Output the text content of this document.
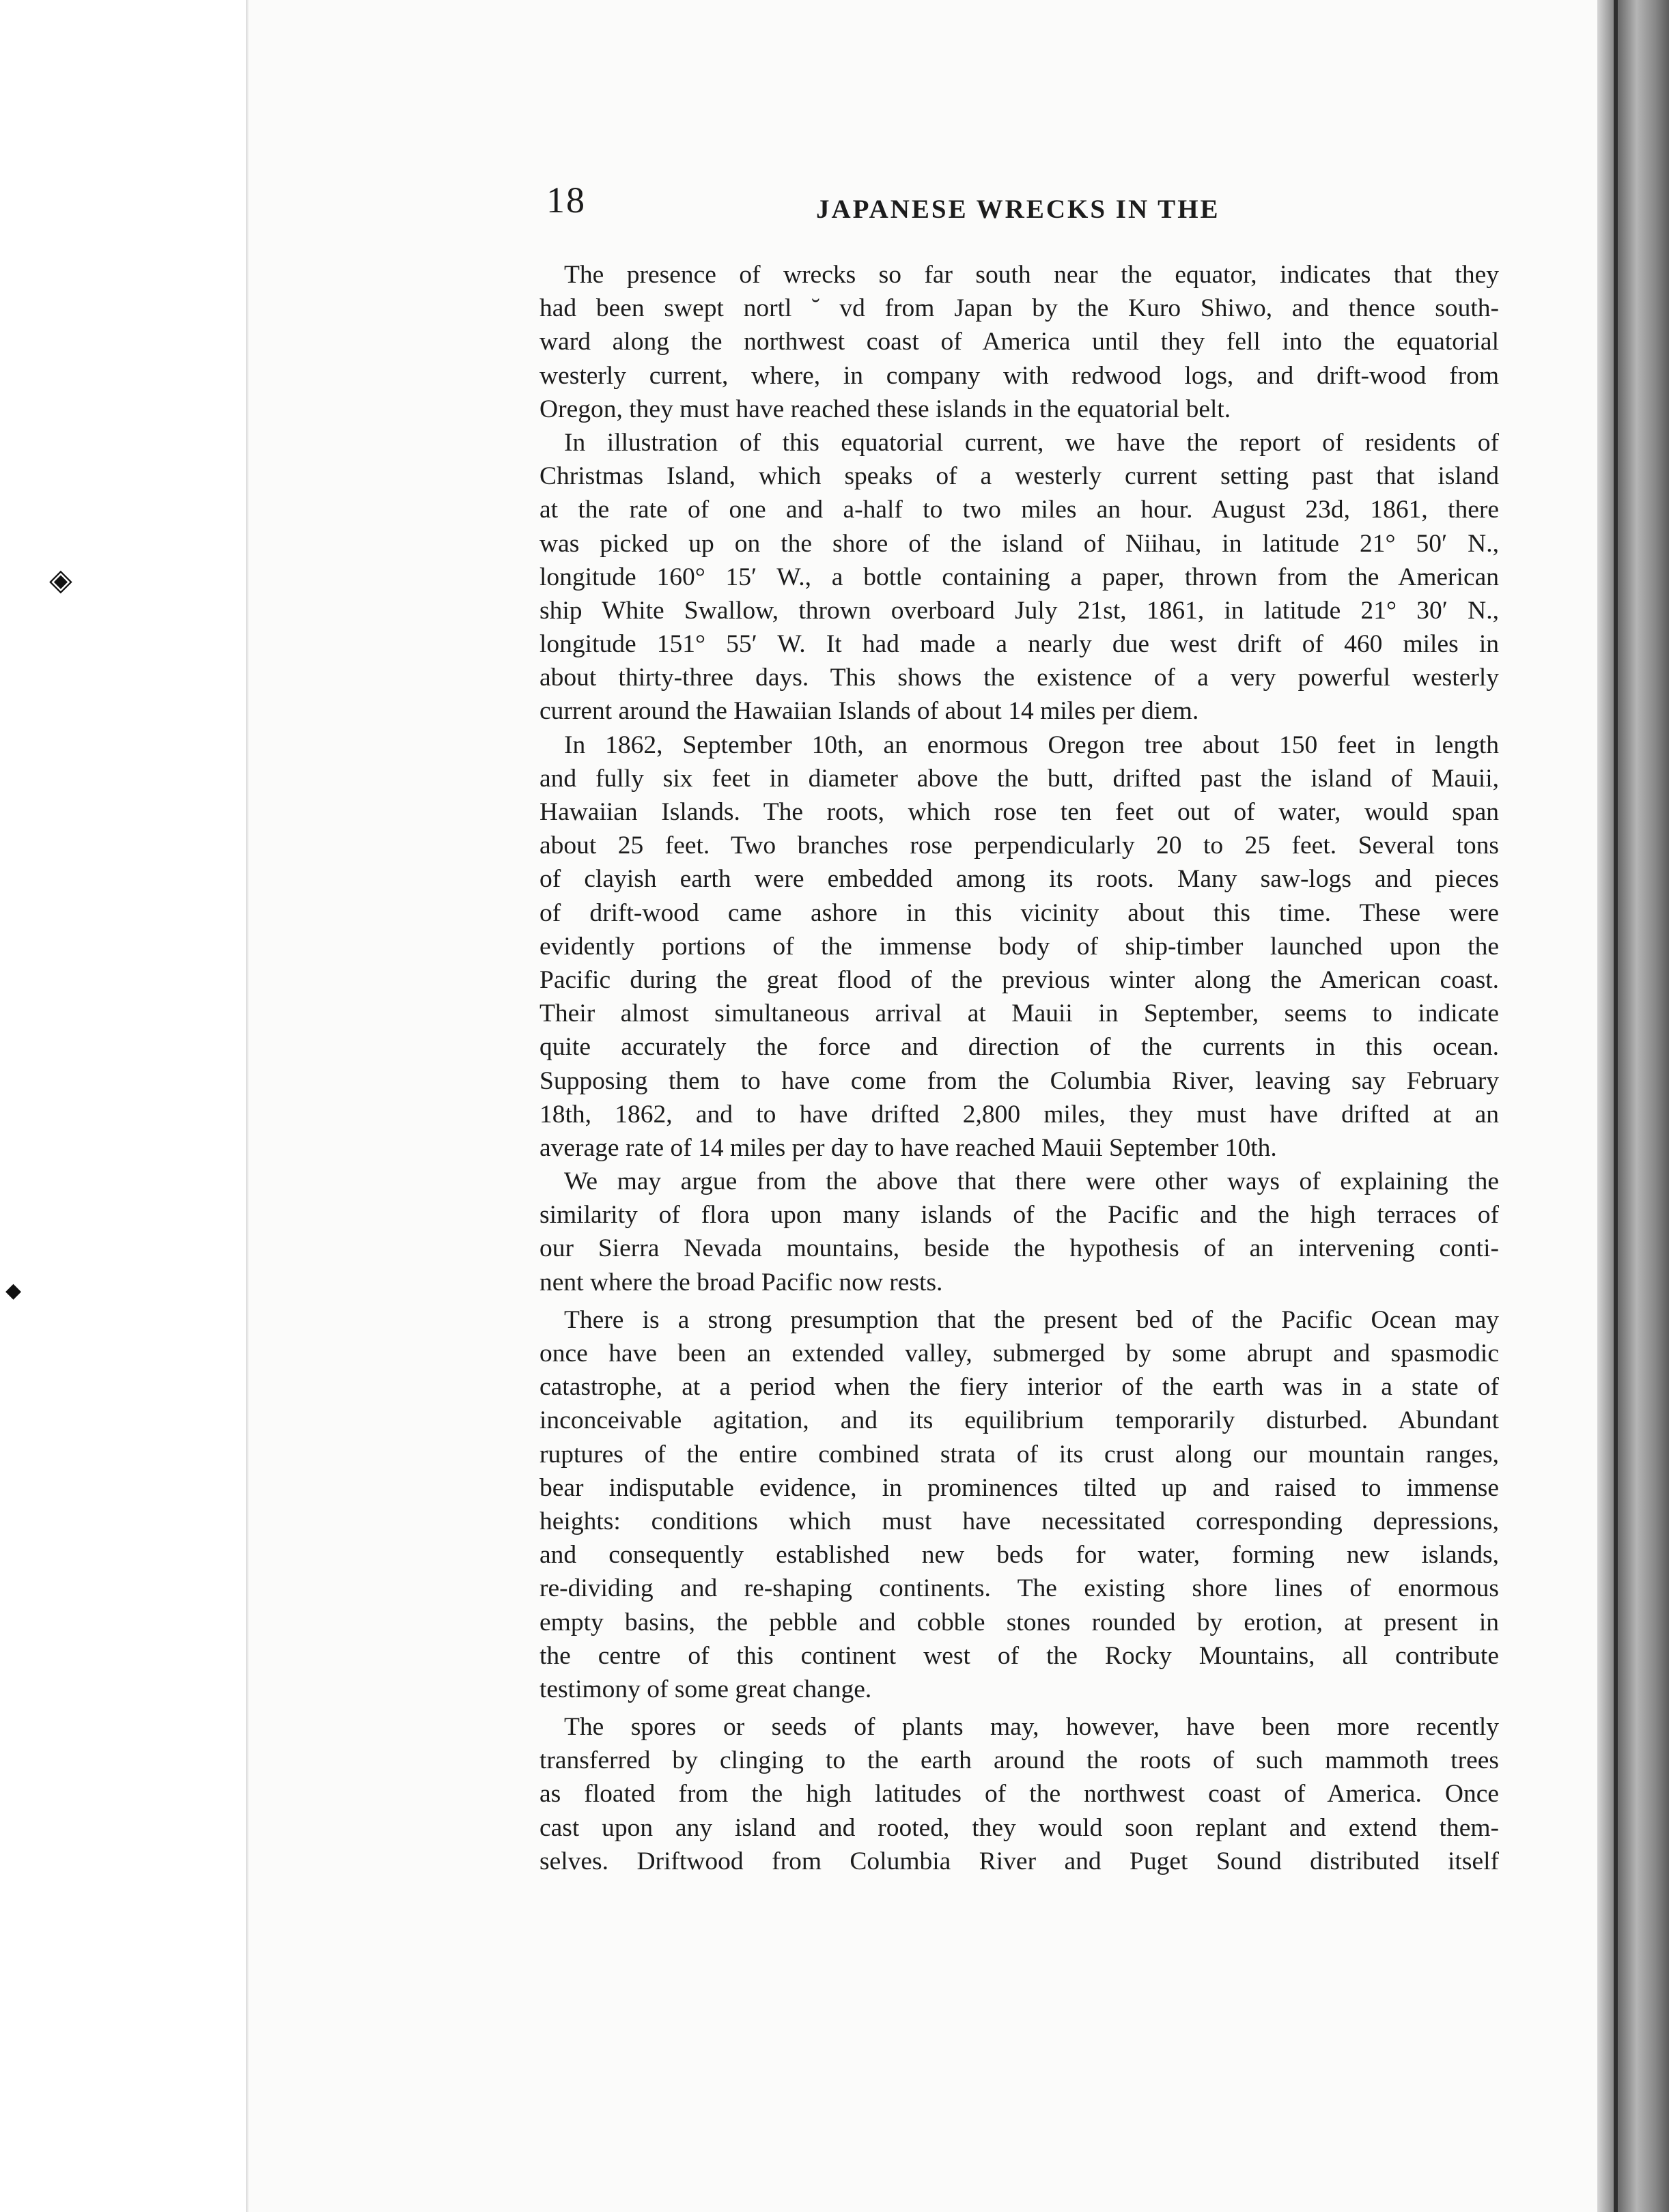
◈
◆
18	JAPANESE WRECKS IN THE
The presence of wrecks so far south near the equator, indicates that they
had been swept nortl ˘ vd from Japan by the Kuro Shiwo, and thence south-
ward along the northwest coast of America until they fell into the equatorial
westerly current, where, in company with redwood logs, and drift-wood from
Oregon, they must have reached these islands in the equatorial belt.
In illustration of this equatorial current, we have the report of residents of
Christmas Island, which speaks of a westerly current setting past that island
at the rate of one and a-half to two miles an hour. August 23d, 1861, there
was picked up on the shore of the island of Niihau, in latitude 21° 50′ N.,
longitude 160° 15′ W., a bottle containing a paper, thrown from the American
ship White Swallow, thrown overboard July 21st, 1861, in latitude 21° 30′ N.,
longitude 151° 55′ W. It had made a nearly due west drift of 460 miles in
about thirty-three days. This shows the existence of a very powerful westerly
current around the Hawaiian Islands of about 14 miles per diem.
In 1862, September 10th, an enormous Oregon tree about 150 feet in length
and fully six feet in diameter above the butt, drifted past the island of Mauii,
Hawaiian Islands. The roots, which rose ten feet out of water, would span
about 25 feet. Two branches rose perpendicularly 20 to 25 feet. Several tons
of clayish earth were embedded among its roots. Many saw-logs and pieces
of drift-wood came ashore in this vicinity about this time. These were
evidently portions of the immense body of ship-timber launched upon the
Pacific during the great flood of the previous winter along the American coast.
Their almost simultaneous arrival at Mauii in September, seems to indicate
quite accurately the force and direction of the currents in this ocean.
Supposing them to have come from the Columbia River, leaving say February
18th, 1862, and to have drifted 2,800 miles, they must have drifted at an
average rate of 14 miles per day to have reached Mauii September 10th.
We may argue from the above that there were other ways of explaining the
similarity of flora upon many islands of the Pacific and the high terraces of
our Sierra Nevada mountains, beside the hypothesis of an intervening conti-
nent where the broad Pacific now rests.
There is a strong presumption that the present bed of the Pacific Ocean may
once have been an extended valley, submerged by some abrupt and spasmodic
catastrophe, at a period when the fiery interior of the earth was in a state of
inconceivable agitation, and its equilibrium temporarily disturbed. Abundant
ruptures of the entire combined strata of its crust along our mountain ranges,
bear indisputable evidence, in prominences tilted up and raised to immense
heights: conditions which must have necessitated corresponding depressions,
and consequently established new beds for water, forming new islands,
re-dividing and re-shaping continents. The existing shore lines of enormous
empty basins, the pebble and cobble stones rounded by erotion, at present in
the centre of this continent west of the Rocky Mountains, all contribute
testimony of some great change.
The spores or seeds of plants may, however, have been more recently
transferred by clinging to the earth around the roots of such mammoth trees
as floated from the high latitudes of the northwest coast of America. Once
cast upon any island and rooted, they would soon replant and extend them-
selves. Driftwood from Columbia River and Puget Sound distributed itself
